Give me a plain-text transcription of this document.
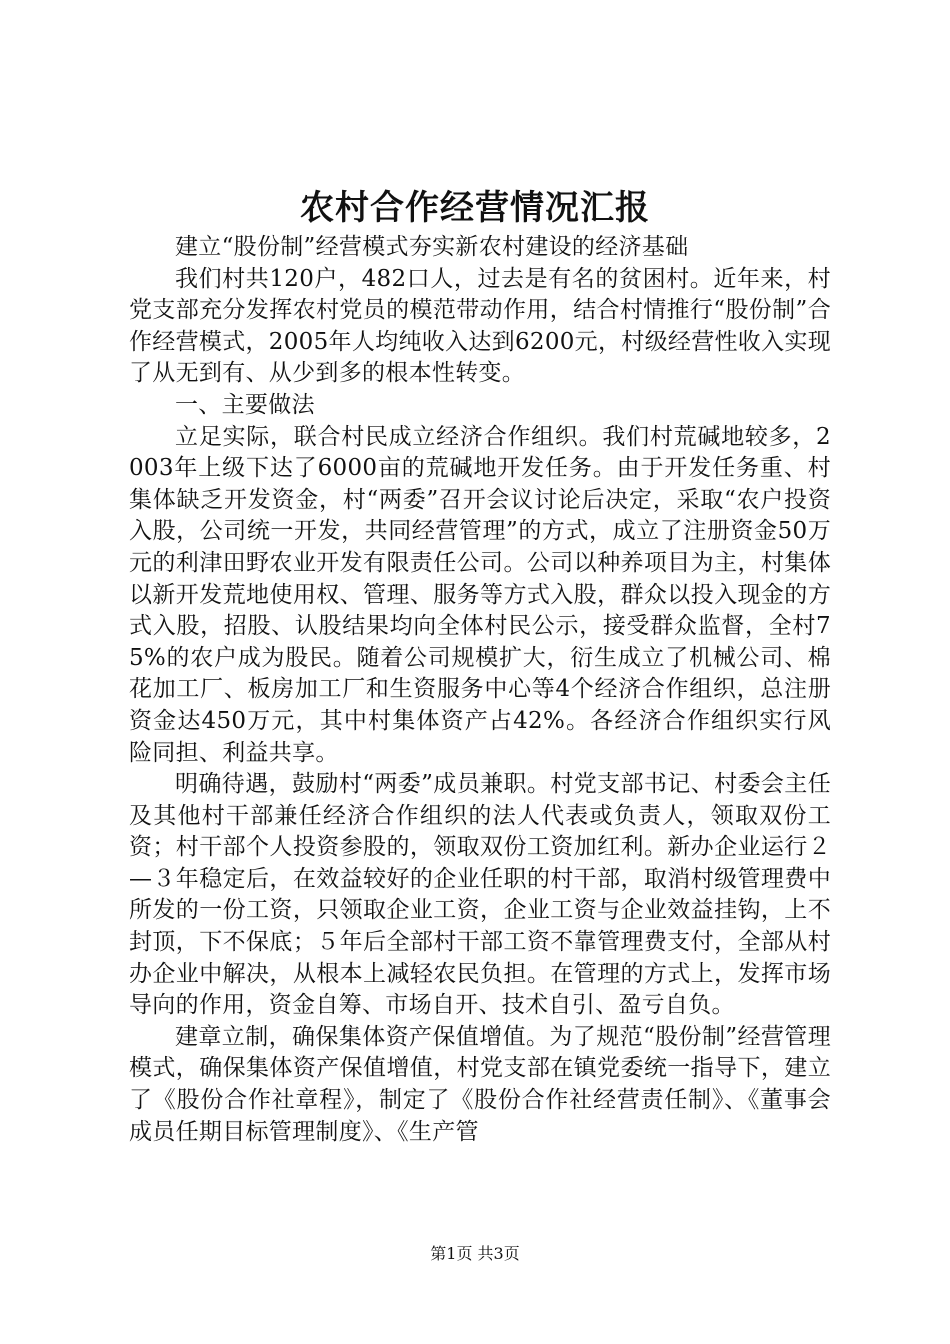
农村合作经营情况汇报

建立“股份制”经营模式夯实新农村建设的经济基础

我们村共120户，482口人，过去是有名的贫困村。近年来，村党支部充分发挥农村党员的模范带动作用，结合村情推行“股份制”合作经营模式，2005年人均纯收入达到6200元，村级经营性收入实现了从无到有、从少到多的根本性转变。

一、主要做法

立足实际，联合村民成立经济合作组织。我们村荒碱地较多，2003年上级下达了6000亩的荒碱地开发任务。由于开发任务重、村集体缺乏开发资金，村“两委”召开会议讨论后决定，采取“农户投资入股，公司统一开发，共同经营管理”的方式，成立了注册资金50万元的利津田野农业开发有限责任公司。公司以种养项目为主，村集体以新开发荒地使用权、管理、服务等方式入股，群众以投入现金的方式入股，招股、认股结果均向全体村民公示，接受群众监督，全村75%的农户成为股民。随着公司规模扩大，衍生成立了机械公司、棉花加工厂、板房加工厂和生资服务中心等4个经济合作组织，总注册资金达450万元，其中村集体资产占42%。各经济合作组织实行风险同担、利益共享。

明确待遇，鼓励村“两委”成员兼职。村党支部书记、村委会主任及其他村干部兼任经济合作组织的法人代表或负责人，领取双份工资；村干部个人投资参股的，领取双份工资加红利。新办企业运行２—３年稳定后，在效益较好的企业任职的村干部，取消村级管理费中所发的一份工资，只领取企业工资，企业工资与企业效益挂钩，上不封顶，下不保底；５年后全部村干部工资不靠管理费支付，全部从村办企业中解决，从根本上减轻农民负担。在管理的方式上，发挥市场导向的作用，资金自筹、市场自开、技术自引、盈亏自负。

建章立制，确保集体资产保值增值。为了规范“股份制”经营管理模式，确保集体资产保值增值，村党支部在镇党委统一指导下，建立了《股份合作社章程》，制定了《股份合作社经营责任制》、《董事会成员任期目标管理制度》、《生产管

第1页 共3页
